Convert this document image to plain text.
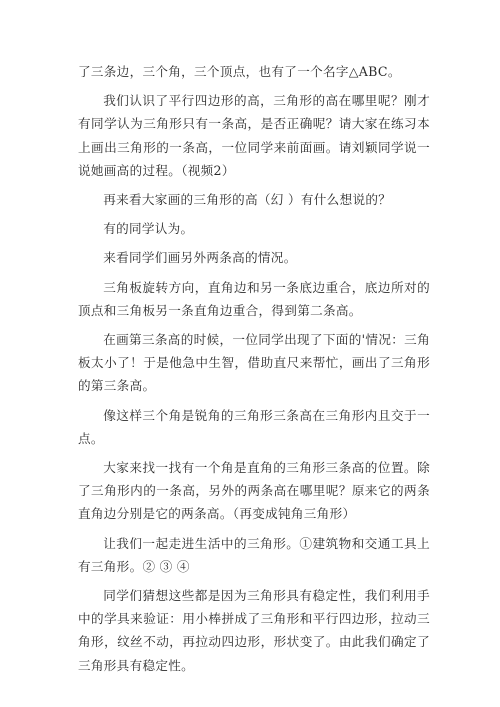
了三条边，三个角，三个顶点，也有了一个名字△ABC。

我们认识了平行四边形的高，三角形的高在哪里呢？刚才有同学认为三角形只有一条高，是否正确呢？请大家在练习本上画出三角形的一条高，一位同学来前面画。请刘颖同学说一说她画高的过程。（视频2）

再来看大家画的三角形的高（幻 ）有什么想说的？

有的同学认为。

来看同学们画另外两条高的情况。

三角板旋转方向，直角边和另一条底边重合，底边所对的顶点和三角板另一条直角边重合，得到第二条高。

在画第三条高的时候，一位同学出现了下面的'情况：三角板太小了！于是他急中生智，借助直尺来帮忙，画出了三角形的第三条高。

像这样三个角是锐角的三角形三条高在三角形内且交于一点。

大家来找一找有一个角是直角的三角形三条高的位置。除了三角形内的一条高，另外的两条高在哪里呢？原来它的两条直角边分别是它的两条高。（再变成钝角三角形）

让我们一起走进生活中的三角形。①建筑物和交通工具上有三角形。② ③ ④

同学们猜想这些都是因为三角形具有稳定性，我们利用手中的学具来验证：用小棒拼成了三角形和平行四边形，拉动三角形，纹丝不动，再拉动四边形，形状变了。由此我们确定了三角形具有稳定性。
